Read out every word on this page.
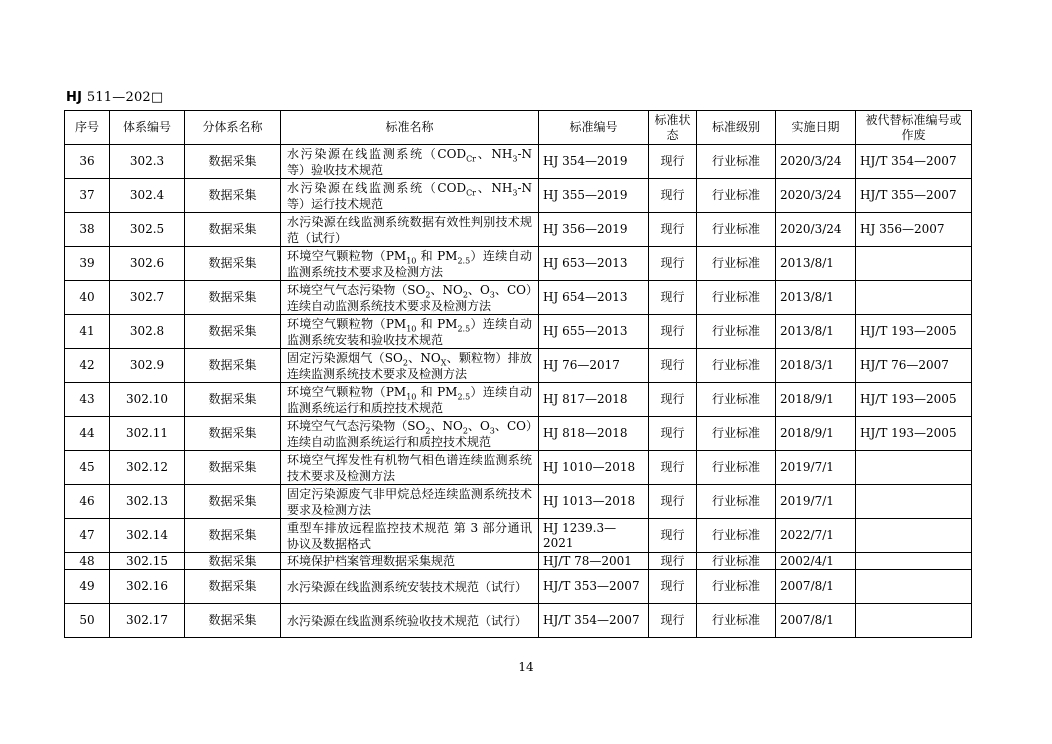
HJ 511—202□
序号	体系编号	分体系名称	标准名称	标准编号	标准状态	标准级别	实施日期	被代替标准编号或作废
36	302.3	数据采集	水污染源在线监测系统（$COD_{Cr}$、$NH_3-N$ 等）验收技术规范	HJ 354—2019	现行	行业标准	2020/3/24	HJ/T 354—2007
37	302.4	数据采集	水污染源在线监测系统（$COD_{Cr}$、$NH_3-N$ 等）运行技术规范	HJ 355—2019	现行	行业标准	2020/3/24	HJ/T 355—2007
38	302.5	数据采集	水污染源在线监测系统数据有效性判别技术规范（试行）	HJ 356—2019	现行	行业标准	2020/3/24	HJ 356—2007
39	302.6	数据采集	环境空气颗粒物（$PM_{10}$ 和 $PM_{2.5}$）连续自动监测系统技术要求及检测方法	HJ 653—2013	现行	行业标准	2013/8/1	
40	302.7	数据采集	环境空气气态污染物（$SO_2$、$NO_2$、$O_3$、CO）连续自动监测系统技术要求及检测方法	HJ 654—2013	现行	行业标准	2013/8/1	
41	302.8	数据采集	环境空气颗粒物（$PM_{10}$ 和 $PM_{2.5}$）连续自动监测系统安装和验收技术规范	HJ 655—2013	现行	行业标准	2013/8/1	HJ/T 193—2005
42	302.9	数据采集	固定污染源烟气（$SO_2$、$NO_X$、颗粒物）排放连续监测系统技术要求及检测方法	HJ 76—2017	现行	行业标准	2018/3/1	HJ/T 76—2007
43	302.10	数据采集	环境空气颗粒物（$PM_{10}$ 和 $PM_{2.5}$）连续自动监测系统运行和质控技术规范	HJ 817—2018	现行	行业标准	2018/9/1	HJ/T 193—2005
44	302.11	数据采集	环境空气气态污染物（$SO_2$、$NO_2$、$O_3$、CO）连续自动监测系统运行和质控技术规范	HJ 818—2018	现行	行业标准	2018/9/1	HJ/T 193—2005
45	302.12	数据采集	环境空气挥发性有机物气相色谱连续监测系统技术要求及检测方法	HJ 1010—2018	现行	行业标准	2019/7/1	
46	302.13	数据采集	固定污染源废气非甲烷总烃连续监测系统技术要求及检测方法	HJ 1013—2018	现行	行业标准	2019/7/1	
47	302.14	数据采集	重型车排放远程监控技术规范 第 3 部分通讯协议及数据格式	HJ 1239.3—2021	现行	行业标准	2022/7/1	
48	302.15	数据采集	环境保护档案管理数据采集规范	HJ/T 78—2001	现行	行业标准	2002/4/1	
49	302.16	数据采集	水污染源在线监测系统安装技术规范（试行）	HJ/T 353—2007	现行	行业标准	2007/8/1	
50	302.17	数据采集	水污染源在线监测系统验收技术规范（试行）	HJ/T 354—2007	现行	行业标准	2007/8/1	
14
